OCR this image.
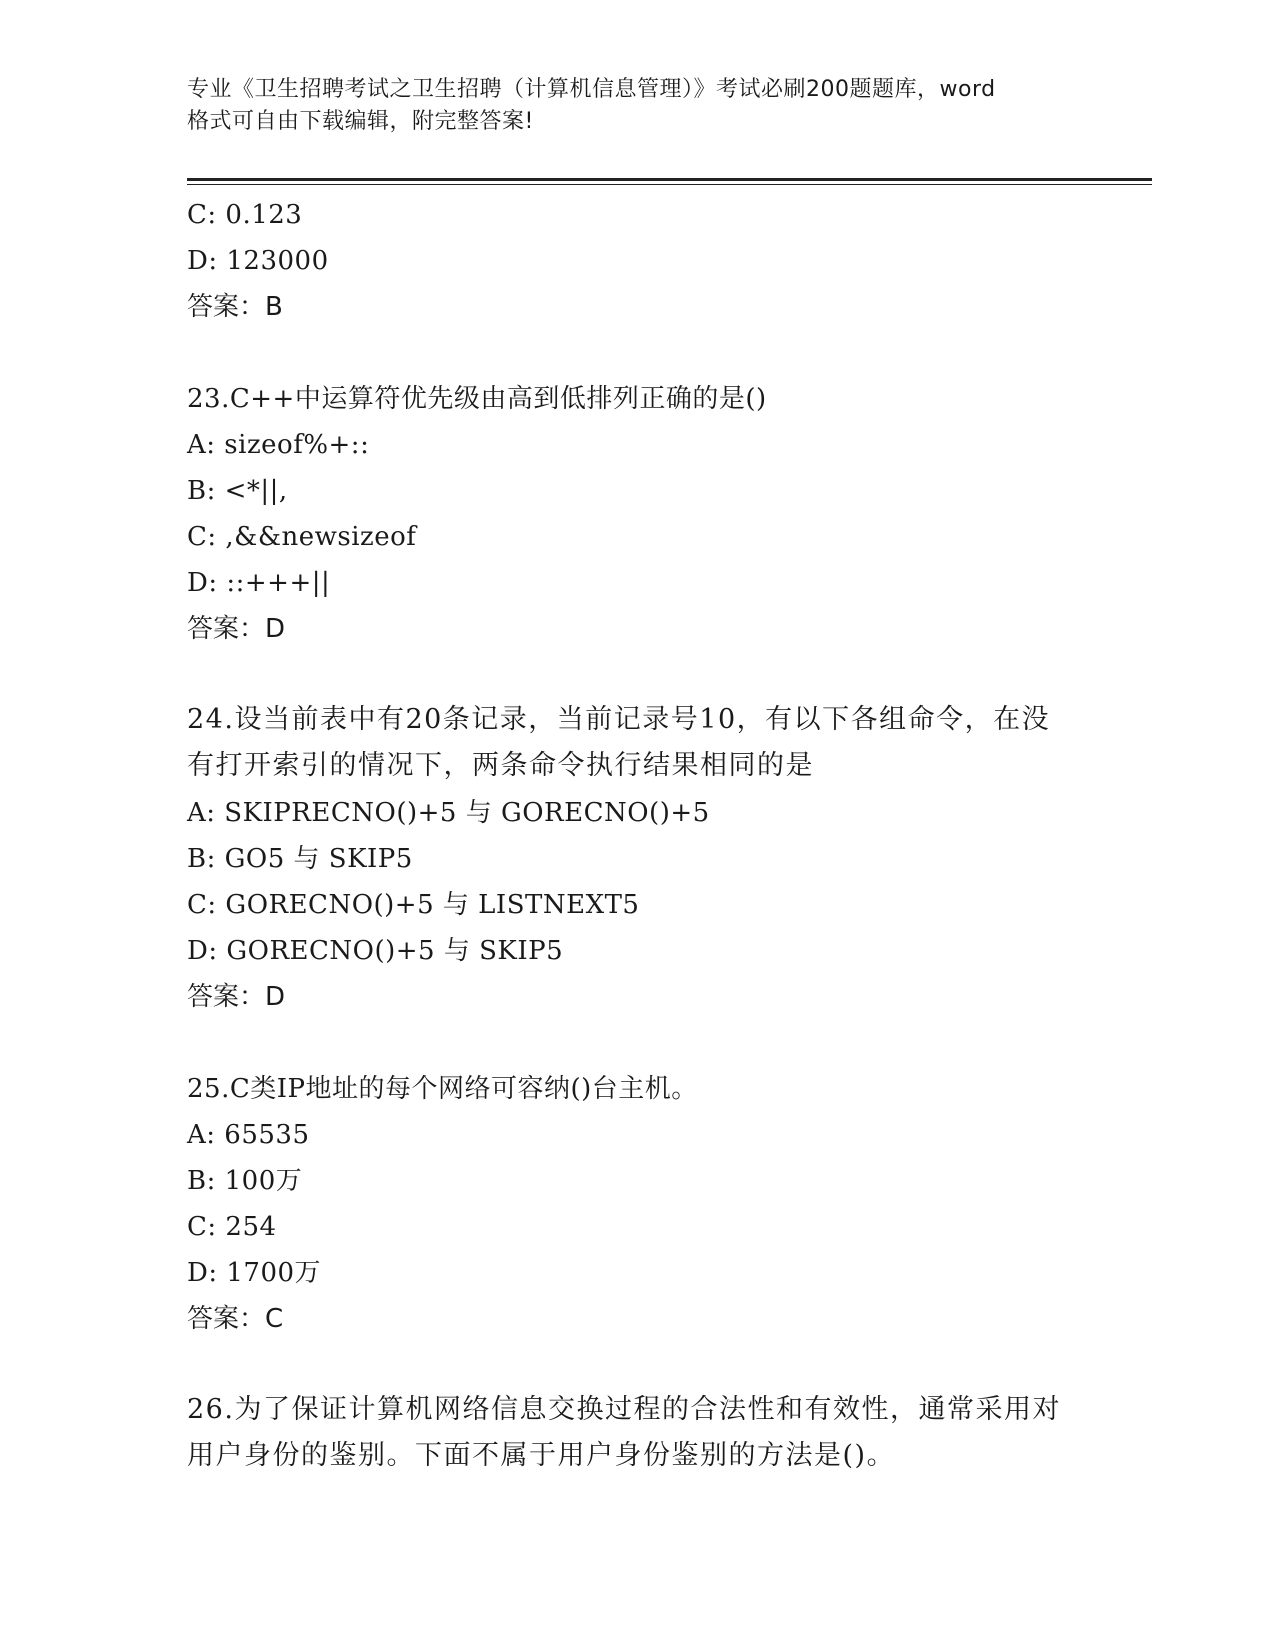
专业《卫生招聘考试之卫生招聘（计算机信息管理）》考试必刷200题题库，word
格式可自由下载编辑，附完整答案!
C: 0.123
D: 123000
答案：B
23.C++中运算符优先级由高到低排列正确的是()
A: sizeof%+::
B: <*||,
C: ,&&newsizeof
D: ::+++||
答案：D
24.设当前表中有20条记录，当前记录号10，有以下各组命令，在没
有打开索引的情况下，两条命令执行结果相同的是
A: SKIPRECNO()+5 与 GORECNO()+5
B: GO5 与 SKIP5
C: GORECNO()+5 与 LISTNEXT5
D: GORECNO()+5 与 SKIP5
答案：D
25.C类IP地址的每个网络可容纳()台主机。
A: 65535
B: 100万
C: 254
D: 1700万
答案：C
26.为了保证计算机网络信息交换过程的合法性和有效性，通常采用对
用户身份的鉴别。下面不属于用户身份鉴别的方法是()。
